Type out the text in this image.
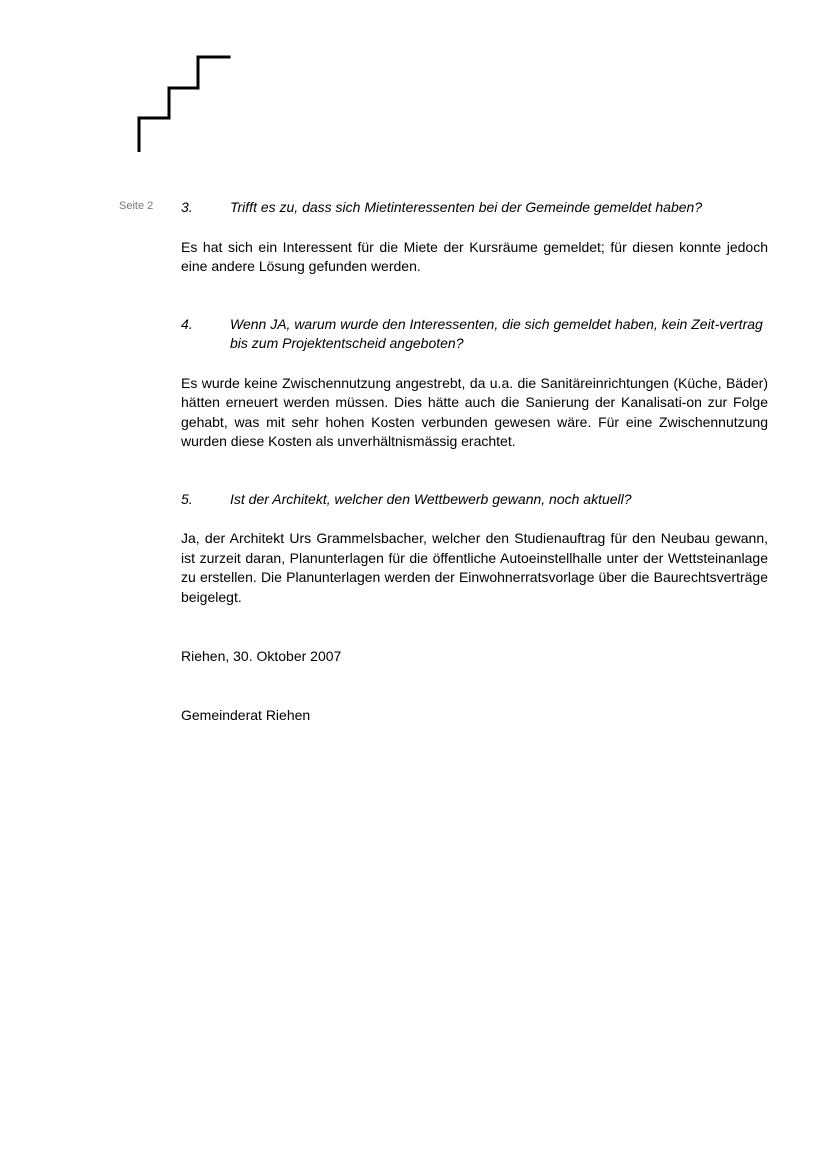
Seite 2 3.	Trifft es zu, dass sich Mietinteressenten bei der Gemeinde gemeldet haben?
Es hat sich ein Interessent für die Miete der Kursräume gemeldet; für diesen konnte jedoch eine andere Lösung gefunden werden.
4.	Wenn JA, warum wurde den Interessenten, die sich gemeldet haben, kein Zeit-vertrag bis zum Projektentscheid angeboten?
Es wurde keine Zwischennutzung angestrebt, da u.a. die Sanitäreinrichtungen (Küche, Bäder) hätten erneuert werden müssen. Dies hätte auch die Sanierung der Kanalisati-on zur Folge gehabt, was mit sehr hohen Kosten verbunden gewesen wäre. Für eine Zwischennutzung wurden diese Kosten als unverhältnismässig erachtet.
5.	Ist der Architekt, welcher den Wettbewerb gewann, noch aktuell?
Ja, der Architekt Urs Grammelsbacher, welcher den Studienauftrag für den Neubau gewann, ist zurzeit daran, Planunterlagen für die öffentliche Autoeinstellhalle unter der Wettsteinanlage zu erstellen. Die Planunterlagen werden der Einwohnerratsvorlage über die Baurechtsverträge beigelegt.
Riehen, 30. Oktober 2007
Gemeinderat Riehen
